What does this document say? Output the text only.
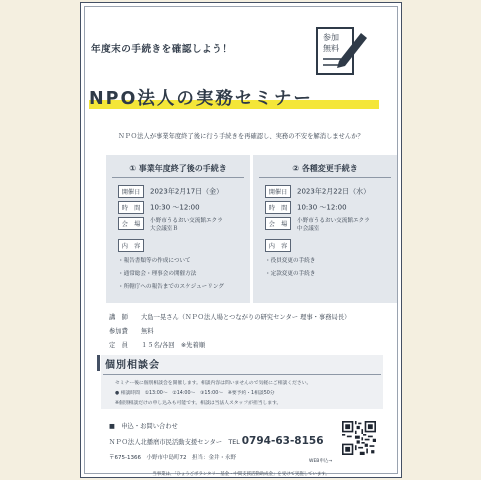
年度末の手続きを確認しよう！
NPO法人の実務セミナー
参加
無料
ＮＰＯ法人が事業年度終了後に行う手続きを再確認し、実務の不安を解消しませんか？
① 事業年度終了後の手続き
開催日 2023年2月17日（金）
時　間 10:30 ～12:00
会　場 小野市うるおい交流館エクラ
大会議室Ｂ
内　容
・報告書類等の作成について
・通常総会・理事会の開催方法
・所轄庁への報告までのスケジューリング
② 各種変更手続き
開催日 2023年2月22日（水）
時　間 10:30 ～12:00
会　場 小野市うるおい交流館エクラ
中会議室
内　容
・役員変更の手続き
・定款変更の手続き
講　師 大島一晃さん（ＮＰＯ法人場とつながりの研究センター 理事・事務局長）
参加費 無料
定　員 １５名/各回　※先着順
個別相談会
セミナー後に個別相談会を開催します。相談内容は問いませんので気軽にご相談ください。
● 相談時間　①13:00～　②14:00～　③15:00～　※要予約・1相談50分
※個別相談だけの申し込みも可能です。相談は当法人スタッフが担当します。
■　申込・お問い合わせ
ＮＰＯ法人北播磨市民活動支援センター　 TEL 0794-63-8156
〒675-1366　小野市中島町72　担当：金井・永野
WEB申込→
当事業は、「ひょうごボランタリー基金・中間支援活動助成金」を受けて実施しています。
